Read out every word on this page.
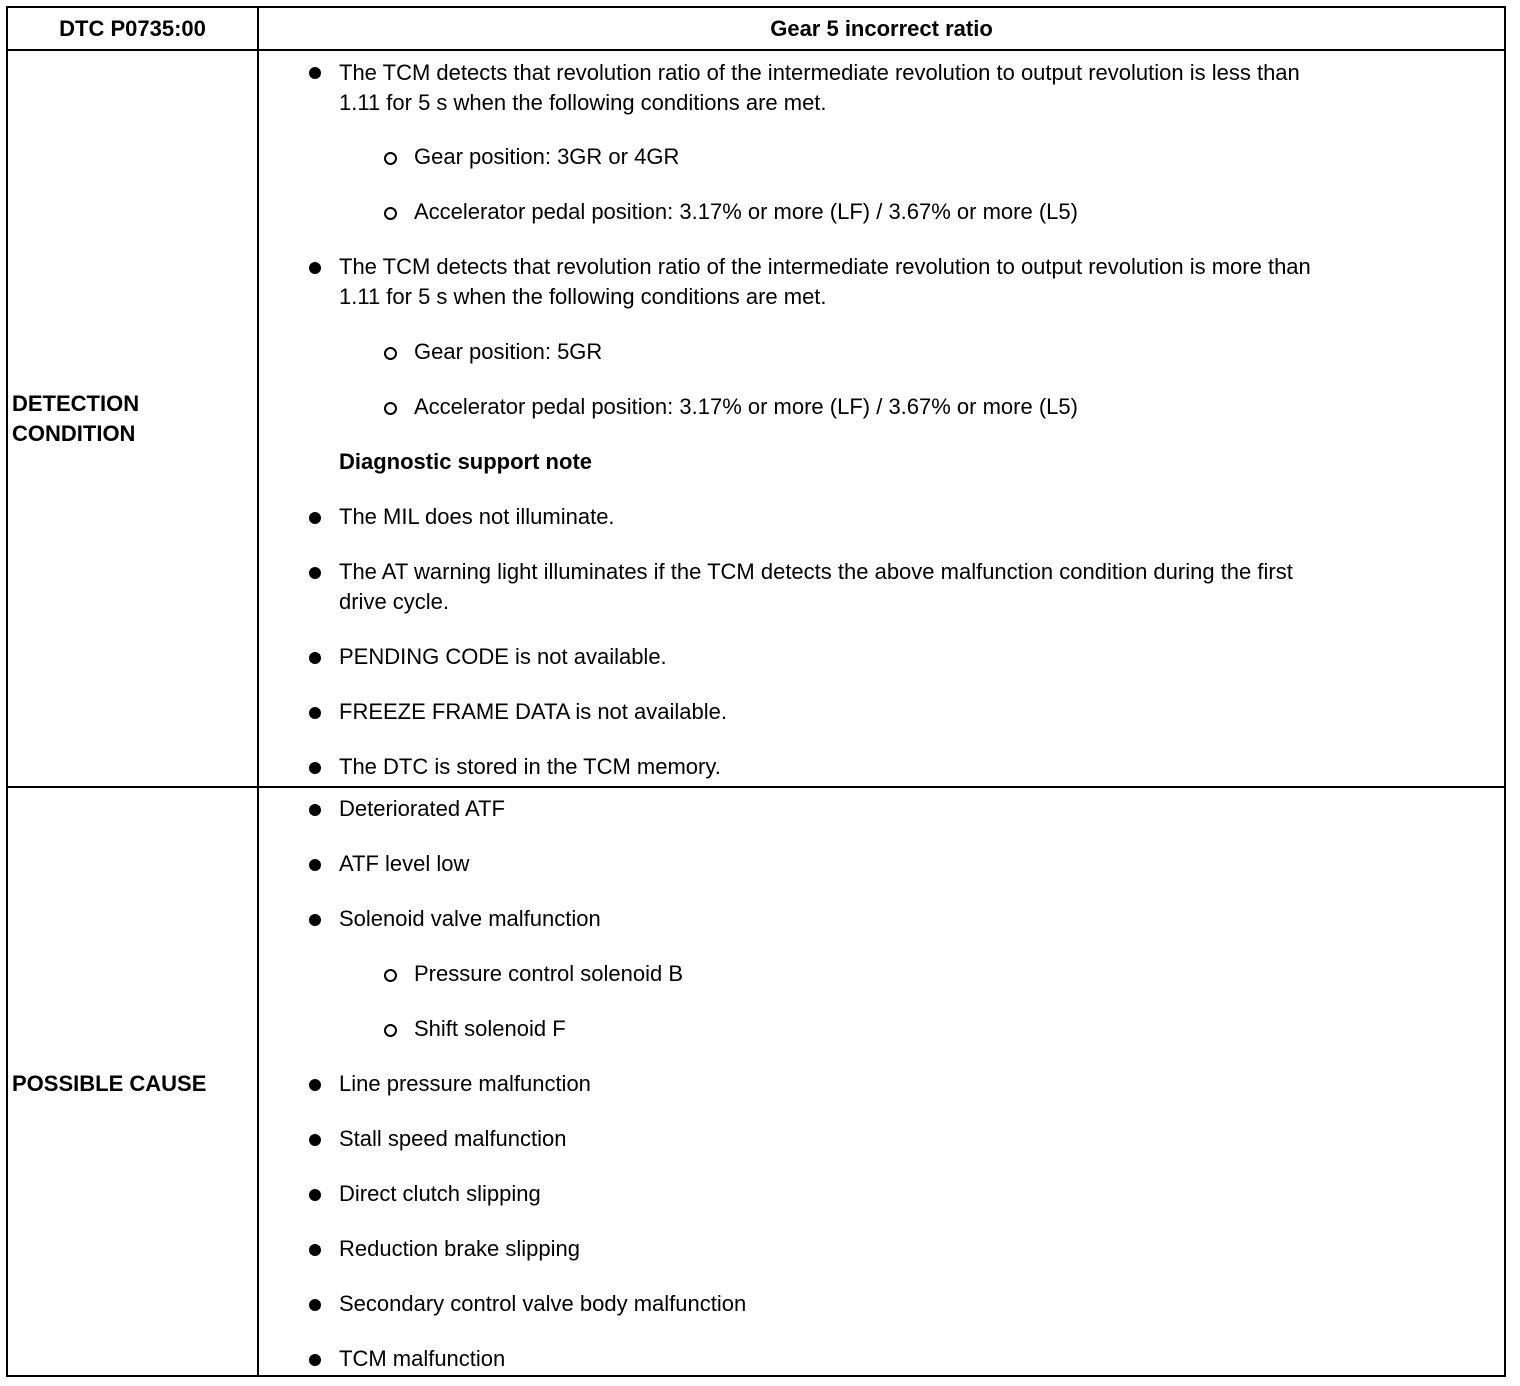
DTC P0735:00	Gear 5 incorrect ratio
DETECTION CONDITION
The TCM detects that revolution ratio of the intermediate revolution to output revolution is less than
1.11 for 5 s when the following conditions are met.
Gear position: 3GR or 4GR
Accelerator pedal position: 3.17% or more (LF) / 3.67% or more (L5)
The TCM detects that revolution ratio of the intermediate revolution to output revolution is more than
1.11 for 5 s when the following conditions are met.
Gear position: 5GR
Accelerator pedal position: 3.17% or more (LF) / 3.67% or more (L5)
Diagnostic support note
The MIL does not illuminate.
The AT warning light illuminates if the TCM detects the above malfunction condition during the first
drive cycle.
PENDING CODE is not available.
FREEZE FRAME DATA is not available.
The DTC is stored in the TCM memory.
POSSIBLE CAUSE
Deteriorated ATF
ATF level low
Solenoid valve malfunction
Pressure control solenoid B
Shift solenoid F
Line pressure malfunction
Stall speed malfunction
Direct clutch slipping
Reduction brake slipping
Secondary control valve body malfunction
TCM malfunction
